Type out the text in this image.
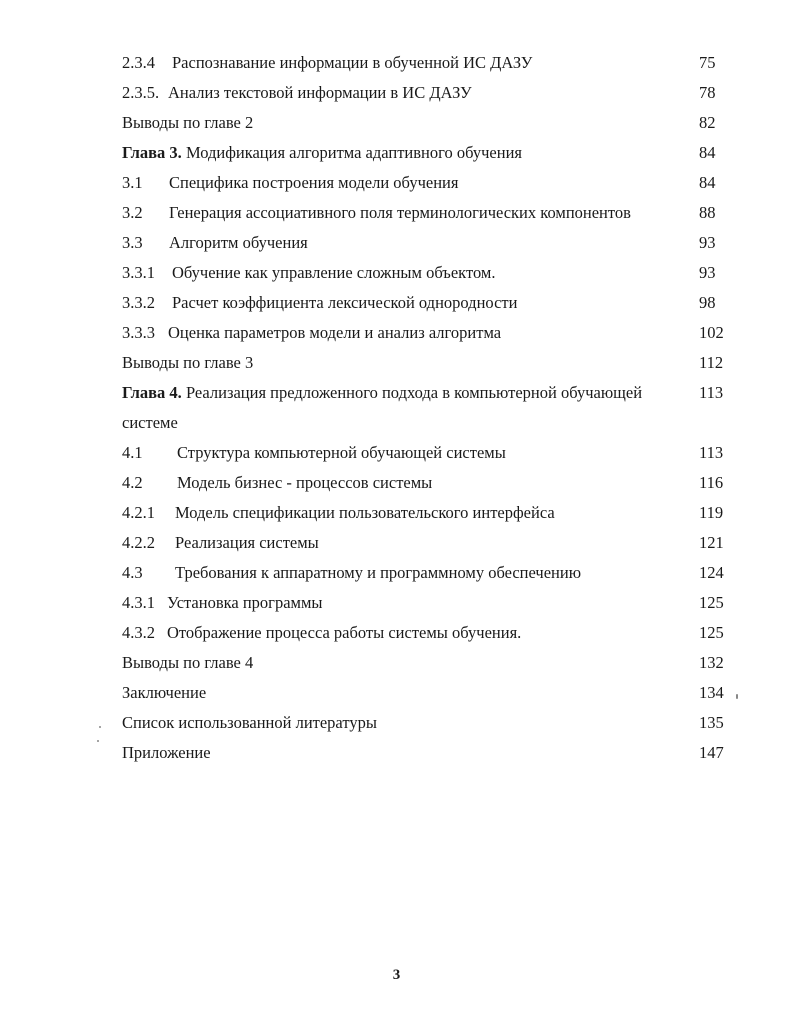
2.3.4 Распознавание информации в обученной ИС ДАЗУ	75
2.3.5. Анализ текстовой информации в ИС ДАЗУ	78
Выводы по главе 2	82
Глава 3. Модификация алгоритма адаптивного обучения	84
3.1 Специфика построения модели обучения	84
3.2 Генерация ассоциативного поля терминологических компонентов	88
3.3 Алгоритм обучения	93
3.3.1 Обучение как управление сложным объектом.	93
3.3.2 Расчет коэффициента лексической однородности	98
3.3.3 Оценка параметров модели и анализ алгоритма	102
Выводы по главе 3	112
Глава 4. Реализация предложенного подхода в компьютерной обучающей	113
системе
4.1 Структура компьютерной обучающей системы	113
4.2 Модель бизнес - процессов системы	116
4.2.1 Модель спецификации пользовательского интерфейса	119
4.2.2 Реализация системы	121
4.3 Требования к аппаратному и программному обеспечению	124
4.3.1 Установка программы	125
4.3.2 Отображение процесса работы системы обучения.	125
Выводы по главе 4	132
Заключение	134
Список использованной литературы	135
Приложение	147
3
